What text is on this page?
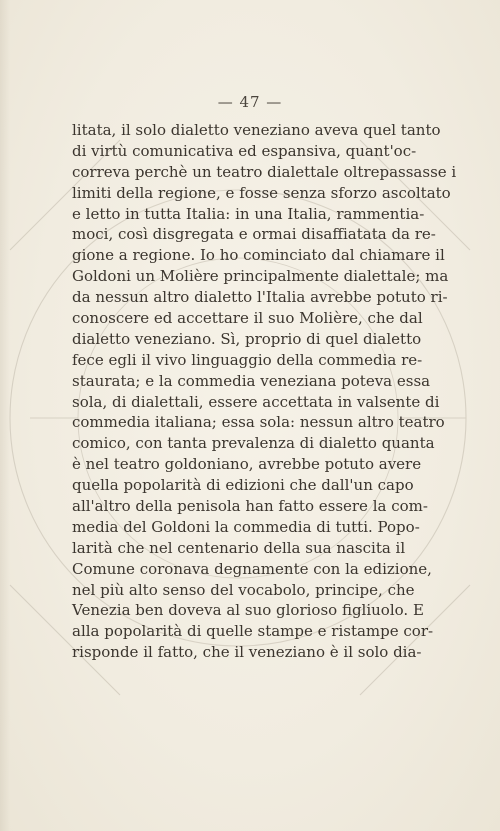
— 47 —
litata, il solo dialetto veneziano aveva quel tanto
di virtù comunicativa ed espansiva, quant'oc-
correva perchè un teatro dialettale oltrepassasse i
limiti della regione, e fosse senza sforzo ascoltato
e letto in tutta Italia: in una Italia, rammentia-
moci, così disgregata e ormai disaffiatata da re-
gione a regione. Io ho cominciato dal chiamare il
Goldoni un Molière principalmente dialettale; ma
da nessun altro dialetto l'Italia avrebbe potuto ri-
conoscere ed accettare il suo Molière, che dal
dialetto veneziano. Sì, proprio di quel dialetto
fece egli il vivo linguaggio della commedia re-
staurata; e la commedia veneziana poteva essa
sola, di dialettali, essere accettata in valsente di
commedia italiana; essa sola: nessun altro teatro
comico, con tanta prevalenza di dialetto quanta
è nel teatro goldoniano, avrebbe potuto avere
quella popolarità di edizioni che dall'un capo
all'altro della penisola han fatto essere la com-
media del Goldoni la commedia di tutti. Popo-
larità che nel centenario della sua nascita il
Comune coronava degnamente con la edizione,
nel più alto senso del vocabolo, principe, che
Venezia ben doveva al suo glorioso figliuolo. E
alla popolarità di quelle stampe e ristampe cor-
risponde il fatto, che il veneziano è il solo dia-
